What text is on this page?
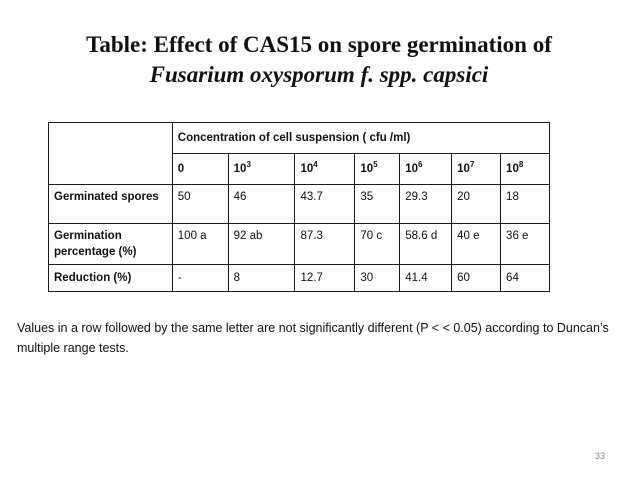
Table: Effect of CAS15 on spore germination of
Fusarium oxysporum f. spp. capsici
	Concentration of cell suspension ( cfu /ml)						
	0	$10^3$	$10^4$	$10^5$	$10^6$	$10^7$	$10^8$
Germinated spores	50	46	43.7	35	29.3	20	18
Germination percentage (%)	100 a	92 ab	87.3	70 c	58.6 d	40 e	36 e
Reduction (%)	-	8	12.7	30	41.4	60	64
Values in a row followed by the same letter are not significantly different (P < < 0.05) according to Duncan’s multiple range tests.
33
